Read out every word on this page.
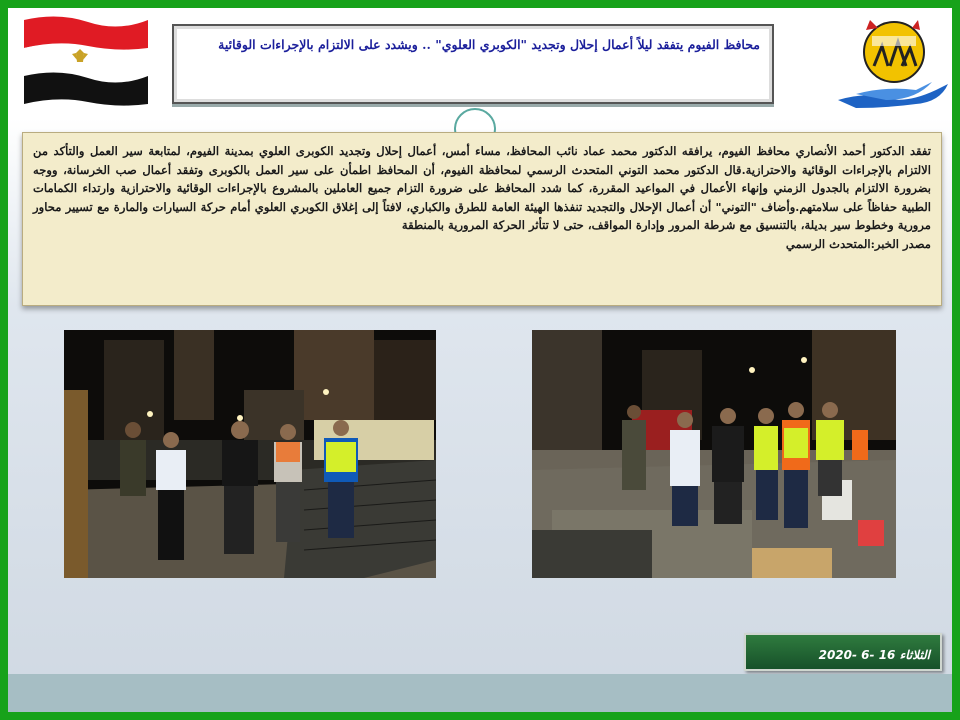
محافظ الفيوم يتفقد ليلاً أعمال إحلال وتجديد "الكوبري العلوي" .. ويشدد على الالتزام بالإجراءات الوقائية
تفقد الدكتور أحمد الأنصاري محافظ الفيوم، يرافقه الدكتور محمد عماد نائب المحافظ، مساء أمس، أعمال إحلال وتجديد الكوبرى العلوي بمدينة الفيوم، لمتابعة سير العمل والتأكد من الالتزام بالإجراءات الوقائية والاحترازية.قال الدكتور محمد التوني المتحدث الرسمي لمحافظة الفيوم، أن المحافظ اطمأن على سير العمل بالكوبرى وتفقد أعمال صب الخرسانة، ووجه بضرورة الالتزام بالجدول الزمني وإنهاء الأعمال في المواعيد المقررة، كما شدد المحافظ على ضرورة التزام جميع العاملين بالمشروع بالإجراءات الوقائية والاحترازية وارتداء الكمامات الطبية حفاظاً على سلامتهم.وأضاف "التوني" أن أعمال الإحلال والتجديد تنفذها الهيئة العامة للطرق والكباري، لافتاً إلى إغلاق الكوبري العلوي أمام حركة السيارات والمارة مع تسيير محاور مرورية وخطوط سير بديلة، بالتنسيق مع شرطة المرور وإدارة المواقف، حتى لا تتأثر الحركة المرورية بالمنطقة
مصدر الخبر:المتحدث الرسمي
الثلاثاء 16 -6 -2020
